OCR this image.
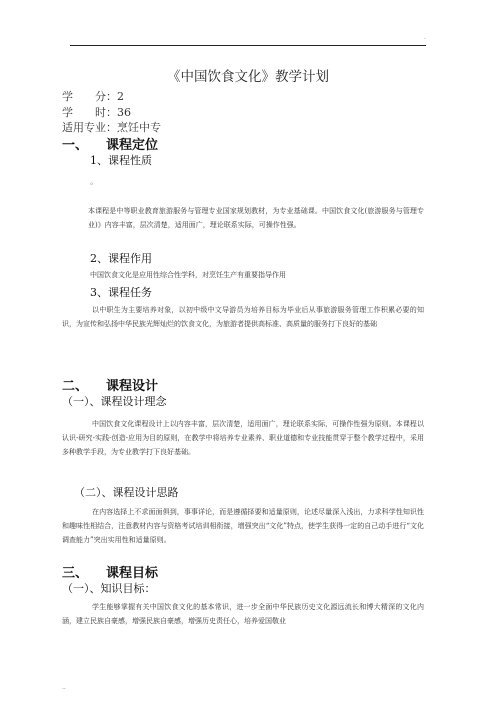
.
《中国饮食文化》教学计划
学　　分：2
学　　时：36
适用专业：烹饪中专
一、 课程定位
1、课程性质
。
本课程是中等职业教育旅游服务与管理专业国家规划教材，为专业基础课。中国饮食文化(旅游服务与管理专业)》内容丰富，层次清楚，适用面广，理论联系实际，可操作性强。
2、课程作用
中国饮食文化是应用性综合性学科，对烹饪生产有重要指导作用
3、课程任务
以中职生为主要培养对象，以初中级中文导游员为培养目标为毕业后从事旅游服务管理工作积累必要的知识，为宣传和弘扬中华民族光辉灿烂的饮食文化，为旅游者提供高标准、高质量的服务打下良好的基础
二、 课程设计
（一）、课程设计理念
中国饮食文化课程设计上以内容丰富，层次清楚，适用面广，理论联系实际，可操作性强为原则。本课程以认识-研究-实践-创造-应用为目的原则，在教学中将培养专业素养、职业道德和专业技能贯穿于整个教学过程中，采用多种教学手段，为专业教学打下良好基础。
（二）、课程设计思路
在内容选择上不求面面俱到，事事详论，而是遵循择要和适量原则，论述尽量深入浅出，力求科学性知识性和趣味性相结合，注意教材内容与资格考试培训相衔接，增强突出“文化”特点，使学生获得一定的自己动手进行“文化调查能力”突出实用性和适量原则。
三、 课程目标
（一）、知识目标：
学生能够掌握有关中国饮食文化的基本常识，进一步全面中华民族历史文化源远流长和博大精深的文化内涵，建立民族自豪感，增强民族自豪感，增强历史责任心，培养爱国敬业
..
